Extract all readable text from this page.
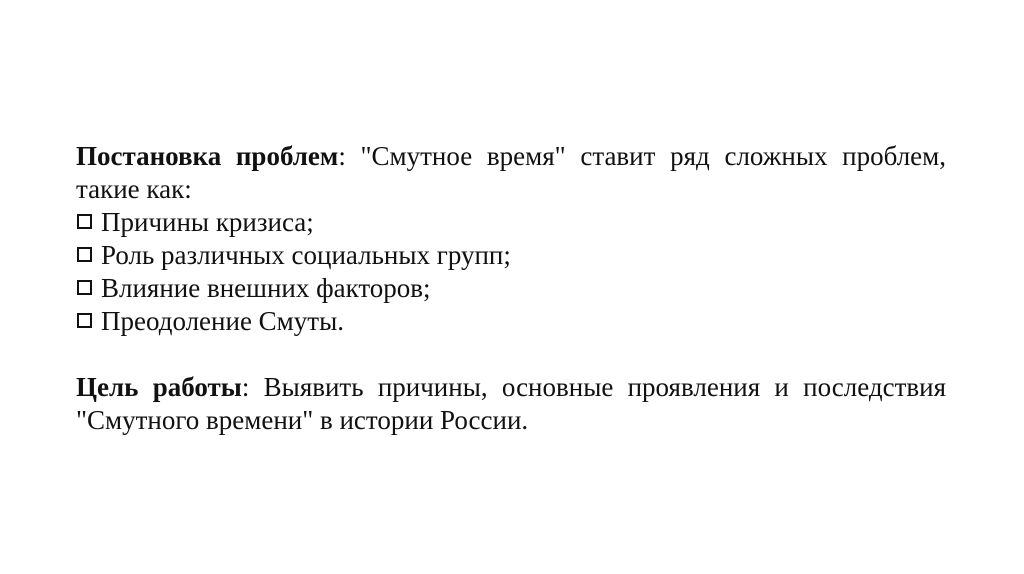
Постановка проблем: "Смутное время" ставит ряд сложных проблем, такие как:

Причины кризиса;
Роль различных социальных групп;
Влияние внешних факторов;
Преодоление Смуты.

Цель работы: Выявить причины, основные проявления и последствия "Смутного времени" в истории России.
